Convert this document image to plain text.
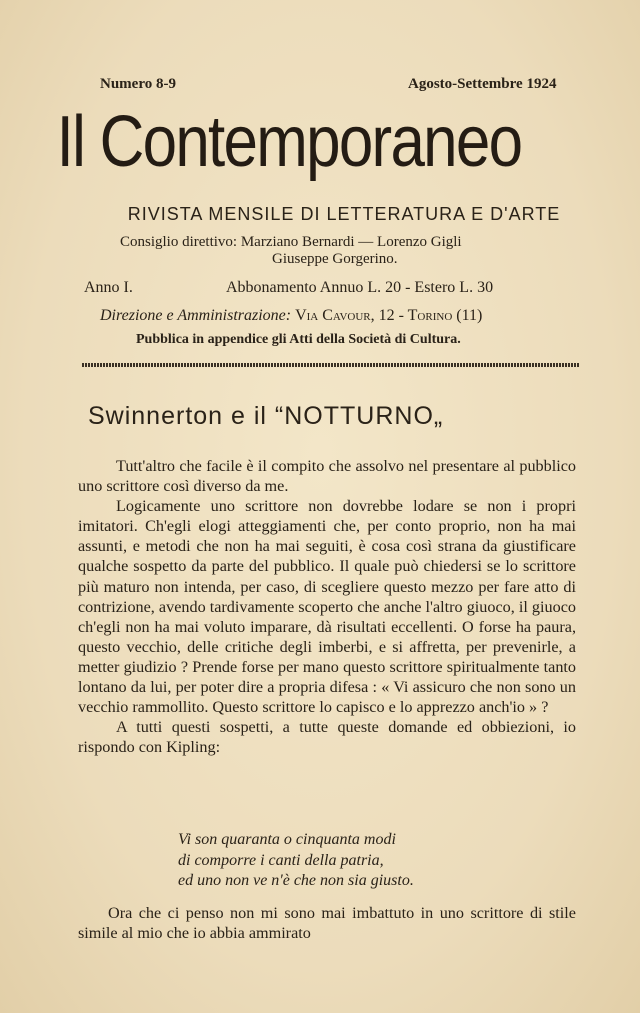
Numero 8-9	Agosto-Settembre 1924
Il Contemporaneo
RIVISTA MENSILE DI LETTERATURA E D'ARTE
Consiglio direttivo: Marziano Bernardi — Lorenzo Gigli
Giuseppe Gorgerino.
Anno I.	Abbonamento Annuo L. 20 - Estero L. 30
Direzione e Amministrazione: Via Cavour, 12 - Torino (11)
Pubblica in appendice gli Atti della Società di Cultura.
Swinnerton e il “NOTTURNO„

Tutt'altro che facile è il compito che assolvo nel presentare al pubblico uno scrittore così diverso da me.

Logicamente uno scrittore non dovrebbe lodare se non i propri imitatori. Ch'egli elogi atteggiamenti che, per conto proprio, non ha mai assunti, e metodi che non ha mai seguiti, è cosa così strana da giustificare qualche sospetto da parte del pubblico. Il quale può chiedersi se lo scrittore più maturo non intenda, per caso, di scegliere questo mezzo per fare atto di contrizione, avendo tardivamente scoperto che anche l'altro giuoco, il giuoco ch'egli non ha mai voluto imparare, dà risultati eccellenti. O forse ha paura, questo vecchio, delle critiche degli imberbi, e si affretta, per prevenirle, a metter giudizio ? Prende forse per mano questo scrittore spiritualmente tanto lontano da lui, per poter dire a propria difesa : « Vi assicuro che non sono un vecchio rammollito. Questo scrittore lo capisco e lo apprezzo anch'io » ?

A tutti questi sospetti, a tutte queste domande ed obbiezioni, io rispondo con Kipling:

Vi son quaranta o cinquanta modi
di comporre i canti della patria,
ed uno non ve n'è che non sia giusto.

Ora che ci penso non mi sono mai imbattuto in uno scrittore di stile simile al mio che io abbia ammirato
